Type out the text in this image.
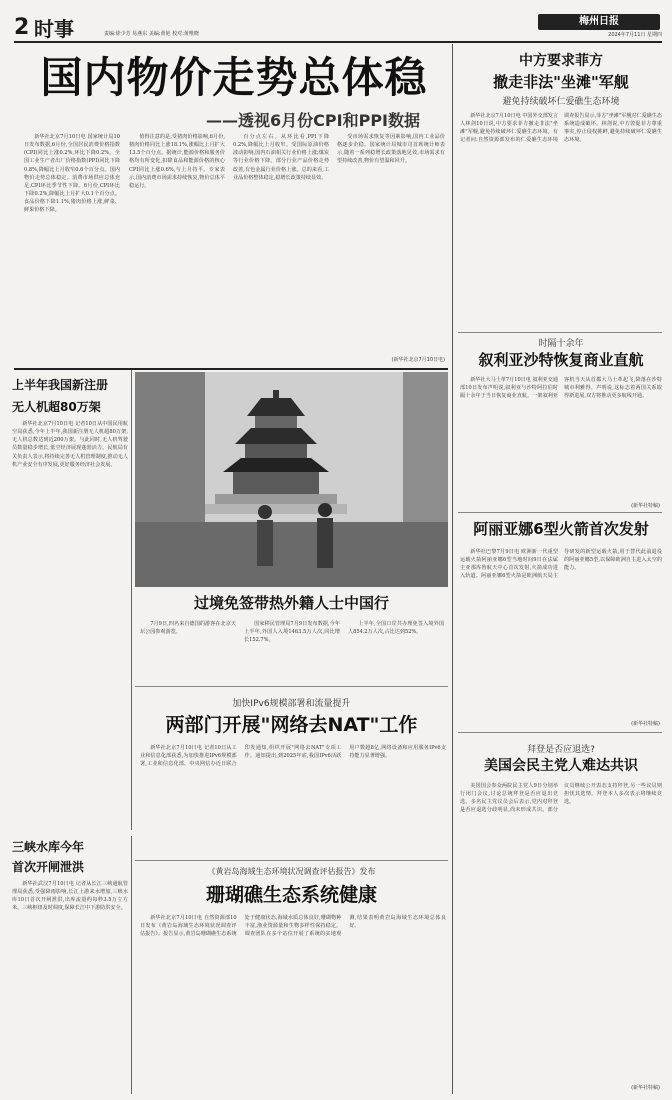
2 时事	责编:徐少芳 易燕东 美编:黄艳 校对:黄唯晓
梅州日报
2024年7月11日 星期四
国内物价走势总体稳
——透视6月份CPI和PPI数据

新华社北京7月10日电 国家统计局10日发布数据,6月份,全国居民消费价格指数(CPI)同比上涨0.2%,环比下降0.2%。全国工业生产者出厂价格指数(PPI)同比下降0.8%,降幅比上月收窄0.6个百分点。国内物价走势总体稳定。消费市场供应总体充足,CPI环比季节性下降。6月份,CPI环比下降0.2%,降幅比上月扩大0.1个百分点。食品价格下降1.1%,猪肉价格上涨,鲜菜、鲜果价格下降。

值得注意的是,受猪肉价格影响,6月份,猪肉价格同比上涨18.1%,涨幅比上月扩大13.5个百分点。据统计,能源价格和服务价格均有所变化,扣除食品和能源价格的核心CPI同比上涨0.6%,与上月持平。专家表示,国内消费市场需求持续恢复,物价总体平稳运行。

百分点左右。从环比看,PPI下降0.2%,降幅比上月收窄。受国际原油价格波动影响,国内石油相关行业价格上涨;煤炭等行业价格下降。部分行业产品价格走势改善,有色金属行业价格上涨。总的来看,工业品价格整体稳定,稳增长政策持续显效。

受市场需求恢复等因素影响,国内工业品价格逐步企稳。国家统计局城市司首席统计师表示,随着一系列稳增长政策落地见效,市场需求有望持续改善,物价有望温和回升。

(新华社北京7月10日电)
中方要求菲方
撤走非法"坐滩"军舰
避免持续破坏仁爱礁生态环境

新华社北京7月10日电 中国外交部发言人林剑10日说,中方要求菲方撤走非法"坐滩"军舰,避免持续破坏仁爱礁生态环境。有记者问:自然资源部发布的仁爱礁生态环境调查报告显示,菲方"坐滩"军舰对仁爱礁生态系统造成破坏。林剑说,中方敦促菲方尊重事实,停止侵权挑衅,避免持续破坏仁爱礁生态环境。

时隔十余年
叙利亚沙特恢复商业直航

新华社大马士革7月10日电 叙利亚交通部10日发布声明说,叙利亚与沙特阿拉伯时隔十余年于当日恢复商业直航。一架叙利亚客机当天从首都大马士革起飞,降落在沙特城市利雅得。声明说,这标志着两国关系取得新进展,双方将推动更多航线开通。

(新华社特稿)
阿丽亚娜6型火箭首次发射

新华社巴黎7月9日电 欧洲新一代重型运载火箭阿丽亚娜6型当地时间9日在法属圭亚那库鲁航天中心首次发射,火箭成功进入轨道。阿丽亚娜6型火箭是欧洲航天局主导研发的新型运载火箭,用于替代此前退役的阿丽亚娜5型,以保障欧洲自主进入太空的能力。

(新华社特稿)
拜登是否应退选?
美国会民主党人难达共识

美国国会参众两院民主党人9日分别举行闭门会议,讨论总统拜登是否应退出竞选。多名民主党议员会后表示,党内对拜登是否应退选分歧明显,尚未形成共识。部分议员继续公开表态支持拜登,另一些议员则担忧其选情。拜登本人多次表示将继续竞选。

(新华社特稿)
上半年我国新注册
无人机超80万架

新华社北京7月10日电 记者10日从中国民用航空局获悉,今年上半年,我国新注册无人机超80万架,无人机总数达到近200万架。与此同时,无人机驾驶员数量稳步增长,低空经济展现蓬勃活力。民航局有关负责人表示,将持续完善无人机管理制度,推动无人机产业安全有序发展,更好服务经济社会发展。

过境免签带热外籍人士中国行

7月9日,四名来自德国的游客在北京天坛公园参观游览。

国家移民管理局7月9日发布数据,今年上半年,外国人入境1463.5万人次,同比增长152.7%。

上半年,全国口岸共办理免签入境外国人854.2万人次,占比达到52%。

加快IPv6规模部署和流量提升
两部门开展"网络去NAT"工作

新华社北京7月10日电 记者10日从工业和信息化部获悉,为加快推进IPv6规模部署,工业和信息化部、中央网信办近日联合印发通知,组织开展"网络去NAT"专项工作。通知提出,到2025年底,我国IPv6活跃用户数超8亿,网络设备和应用服务IPv6支持能力显著增强。

三峡水库今年
首次开闸泄洪

新华社武汉7月10日电 记者从长江三峡通航管理局获悉,受强降雨影响,长江上游来水增加,三峡水库10日首次开闸泄洪,出库流量约每秒3.5万立方米。三峡枢纽及时调度,保障长江中下游防洪安全。

《黄岩岛海域生态环境状况调查评估报告》发布
珊瑚礁生态系统健康

新华社北京7月10日电 自然资源部10日发布《黄岩岛海域生态环境状况调查评估报告》。报告显示,黄岩岛珊瑚礁生态系统处于健康状态,海域水质总体良好,珊瑚物种丰富,渔业资源量和生物多样性保持稳定。调查团队在多个站位开展了系统的实地观测,结果表明黄岩岛海域生态环境总体良好。
